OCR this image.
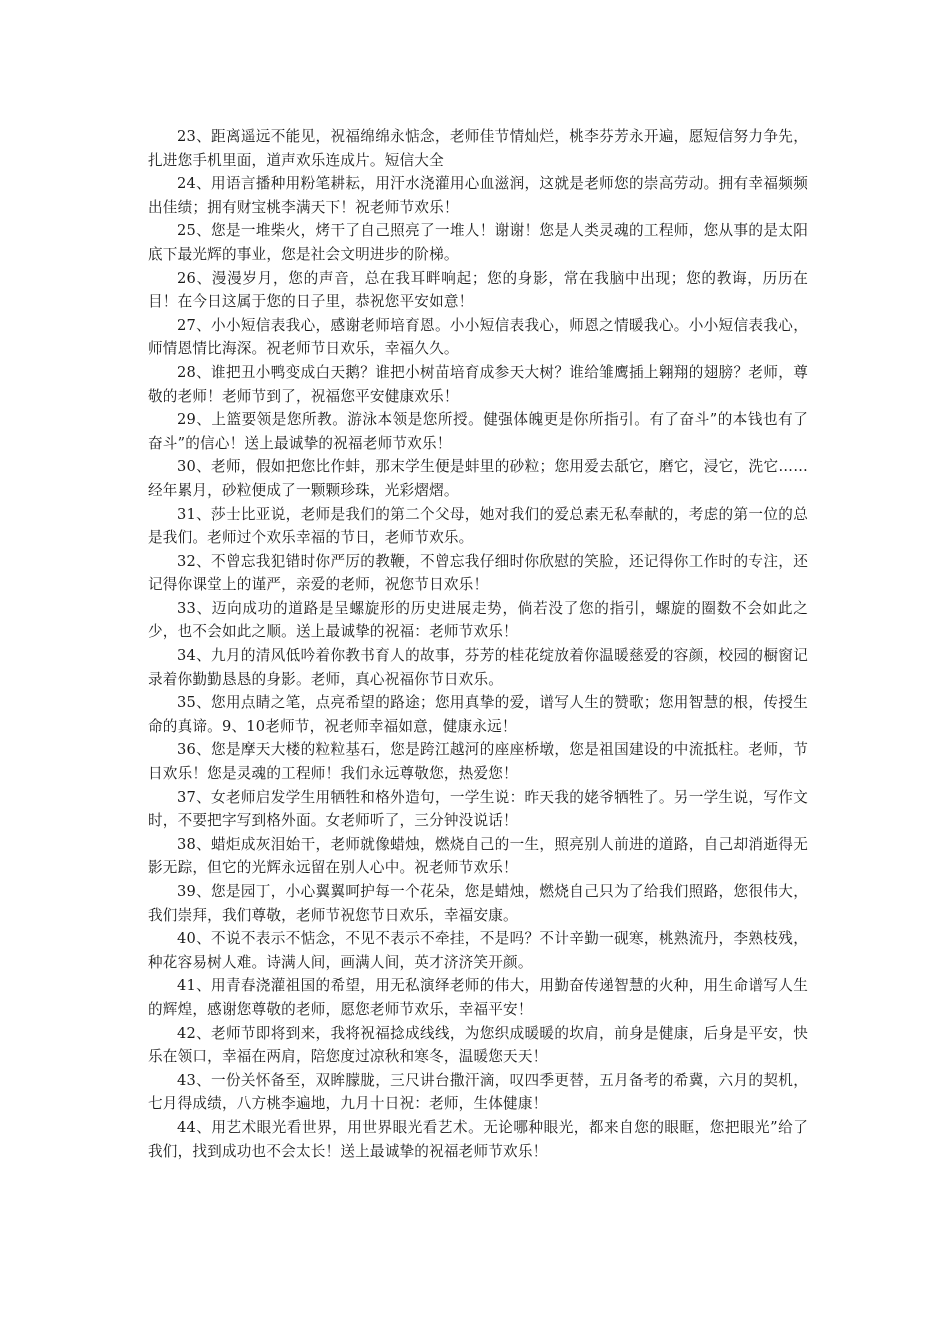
23、距离遥远不能见，祝福绵绵永惦念，老师佳节情灿烂，桃李芬芳永开遍，愿短信努力争先，扎进您手机里面，道声欢乐连成片。短信大全

24、用语言播种用粉笔耕耘，用汗水浇灌用心血滋润，这就是老师您的崇高劳动。拥有幸福频频出佳绩；拥有财宝桃李满天下！祝老师节欢乐！

25、您是一堆柴火，烤干了自己照亮了一堆人！谢谢！您是人类灵魂的工程师，您从事的是太阳底下最光辉的事业，您是社会文明进步的阶梯。

26、漫漫岁月，您的声音，总在我耳畔响起；您的身影，常在我脑中出现；您的教诲，历历在目！在今日这属于您的日子里，恭祝您平安如意！

27、小小短信表我心，感谢老师培育恩。小小短信表我心，师恩之情暖我心。小小短信表我心，师情恩情比海深。祝老师节日欢乐，幸福久久。

28、谁把丑小鸭变成白天鹅？谁把小树苗培育成参天大树？谁给雏鹰插上翱翔的翅膀？老师，尊敬的老师！老师节到了，祝福您平安健康欢乐！

29、上篮要领是您所教。游泳本领是您所授。健强体魄更是你所指引。有了奋斗”的本钱也有了奋斗”的信心！送上最诚挚的祝福老师节欢乐！

30、老师，假如把您比作蚌，那末学生便是蚌里的砂粒；您用爱去舐它，磨它，浸它，洗它……经年累月，砂粒便成了一颗颗珍珠，光彩熠熠。

31、莎士比亚说，老师是我们的第二个父母，她对我们的爱总素无私奉献的，考虑的第一位的总是我们。老师过个欢乐幸福的节日，老师节欢乐。

32、不曾忘我犯错时你严厉的教鞭，不曾忘我仔细时你欣慰的笑脸，还记得你工作时的专注，还记得你课堂上的谨严，亲爱的老师，祝您节日欢乐！

33、迈向成功的道路是呈螺旋形的历史进展走势，倘若没了您的指引，螺旋的圈数不会如此之少，也不会如此之顺。送上最诚挚的祝福：老师节欢乐！

34、九月的清风低吟着你教书育人的故事，芬芳的桂花绽放着你温暖慈爱的容颜，校园的橱窗记录着你勤勤恳恳的身影。老师，真心祝福你节日欢乐。

35、您用点睛之笔，点亮希望的路途；您用真挚的爱，谱写人生的赞歌；您用智慧的根，传授生命的真谛。9、10老师节，祝老师幸福如意，健康永远！

36、您是摩天大楼的粒粒基石，您是跨江越河的座座桥墩，您是祖国建设的中流抵柱。老师，节日欢乐！您是灵魂的工程师！我们永远尊敬您，热爱您！

37、女老师启发学生用牺牲和格外造句，一学生说：昨天我的姥爷牺牲了。另一学生说，写作文时，不要把字写到格外面。女老师听了，三分钟没说话！

38、蜡炬成灰泪始干，老师就像蜡烛，燃烧自己的一生，照亮别人前进的道路，自己却消逝得无影无踪，但它的光辉永远留在别人心中。祝老师节欢乐！

39、您是园丁，小心翼翼呵护每一个花朵，您是蜡烛，燃烧自己只为了给我们照路，您很伟大，我们崇拜，我们尊敬，老师节祝您节日欢乐，幸福安康。

40、不说不表示不惦念，不见不表示不牵挂，不是吗？不计辛勤一砚寒，桃熟流丹，李熟枝残，种花容易树人难。诗满人间，画满人间，英才济济笑开颜。

41、用青春浇灌祖国的希望，用无私演绎老师的伟大，用勤奋传递智慧的火种，用生命谱写人生的辉煌，感谢您尊敬的老师，愿您老师节欢乐，幸福平安！

42、老师节即将到来，我将祝福捻成线线，为您织成暖暖的坎肩，前身是健康，后身是平安，快乐在领口，幸福在两肩，陪您度过凉秋和寒冬，温暖您天天！

43、一份关怀备至，双眸朦胧，三尺讲台撒汗滴，叹四季更替，五月备考的希冀，六月的契机，七月得成绩，八方桃李遍地，九月十日祝：老师，生体健康！

44、用艺术眼光看世界，用世界眼光看艺术。无论哪种眼光，都来自您的眼眶，您把眼光”给了我们，找到成功也不会太长！送上最诚挚的祝福老师节欢乐！
